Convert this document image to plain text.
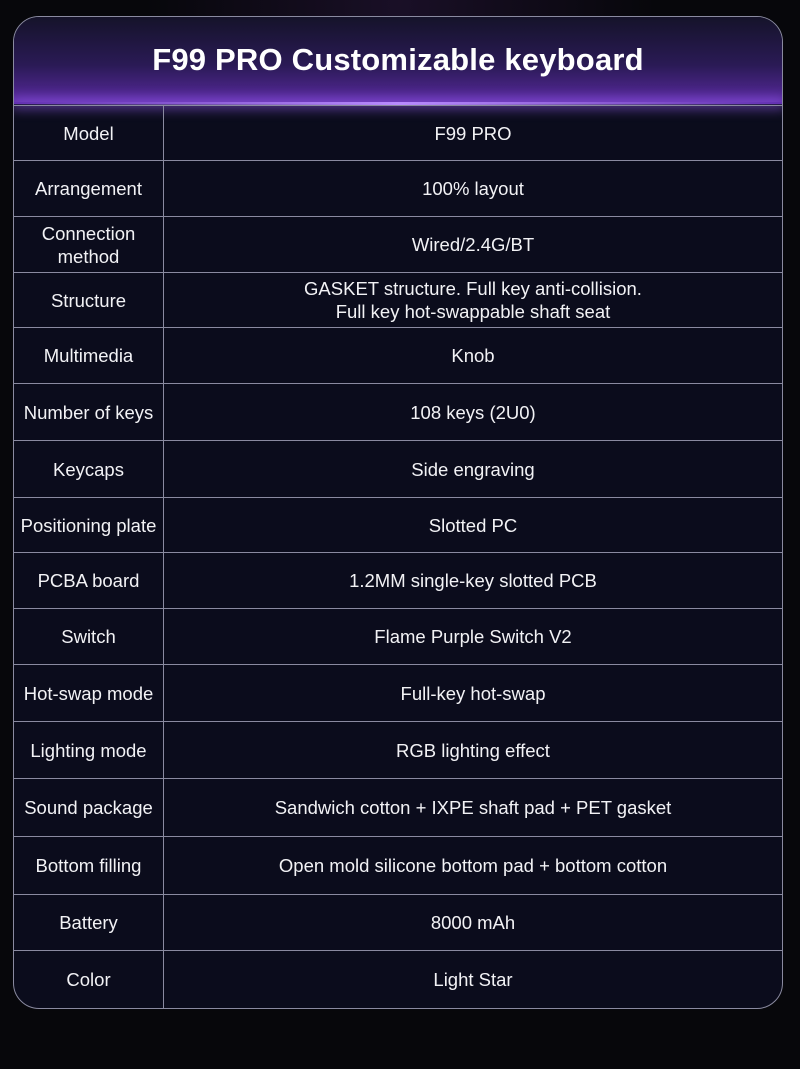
F99 PRO Customizable keyboard
Model	F99 PRO
Arrangement	100% layout
Connection method	Wired/2.4G/BT
Structure	GASKET structure. Full key anti-collision.
Full key hot-swappable shaft seat
Multimedia	Knob
Number of keys	108 keys (2U0)
Keycaps	Side engraving
Positioning plate	Slotted PC
PCBA board	1.2MM single-key slotted PCB
Switch	Flame Purple Switch V2
Hot-swap mode	Full-key hot-swap
Lighting mode	RGB lighting effect
Sound package	Sandwich cotton + IXPE shaft pad + PET gasket
Bottom filling	Open mold silicone bottom pad + bottom cotton
Battery	8000 mAh
Color	Light Star
